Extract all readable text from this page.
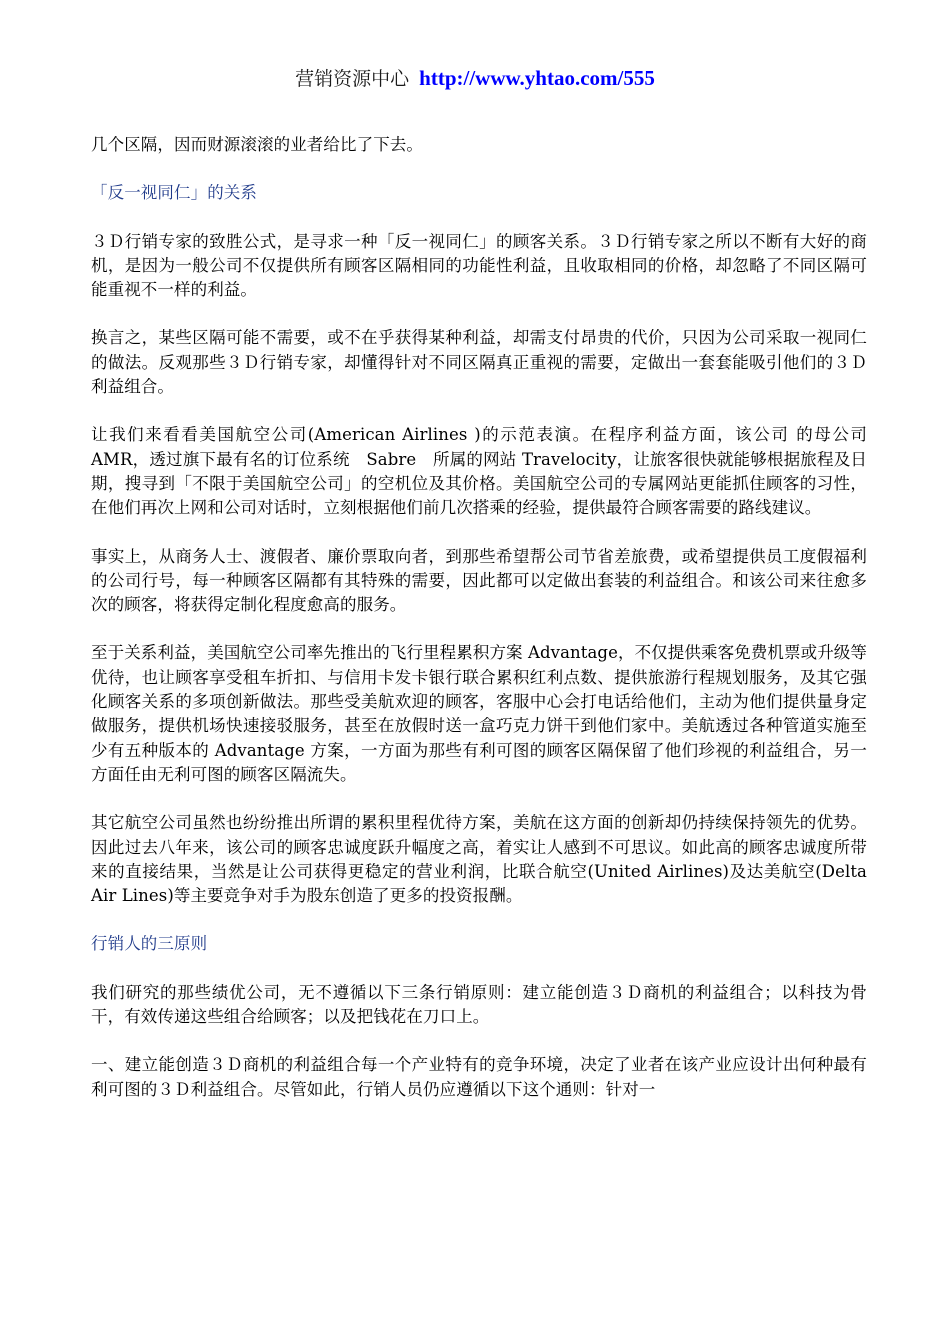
营销资源中心 http://www.yhtao.com/555

几个区隔，因而财源滚滚的业者给比了下去。

「反一视同仁」的关系

３Ｄ行销专家的致胜公式，是寻求一种「反一视同仁」的顾客关系。３Ｄ行销专家之所以不断有大好的商机，是因为一般公司不仅提供所有顾客区隔相同的功能性利益，且收取相同的价格，却忽略了不同区隔可能重视不一样的利益。

换言之，某些区隔可能不需要，或不在乎获得某种利益，却需支付昂贵的代价，只因为公司采取一视同仁的做法。反观那些３Ｄ行销专家，却懂得针对不同区隔真正重视的需要，定做出一套套能吸引他们的３Ｄ利益组合。

让我们来看看美国航空公司(American Airlines )的示范表演。在程序利益方面，该公司 的母公司　AMR，透过旗下最有名的订位系统　Sabre　所属的网站 Travelocity，让旅客很快就能够根据旅程及日期，搜寻到「不限于美国航空公司」的空机位及其价格。美国航空公司的专属网站更能抓住顾客的习性，在他们再次上网和公司对话时，立刻根据他们前几次搭乘的经验，提供最符合顾客需要的路线建议。

事实上，从商务人士、渡假者、廉价票取向者，到那些希望帮公司节省差旅费，或希望提供员工度假福利的公司行号，每一种顾客区隔都有其特殊的需要，因此都可以定做出套装的利益组合。和该公司来往愈多次的顾客，将获得定制化程度愈高的服务。

至于关系利益，美国航空公司率先推出的飞行里程累积方案 Advantage，不仅提供乘客免费机票或升级等优待，也让顾客享受租车折扣、与信用卡发卡银行联合累积红利点数、提供旅游行程规划服务，及其它强化顾客关系的多项创新做法。那些受美航欢迎的顾客，客服中心会打电话给他们，主动为他们提供量身定做服务，提供机场快速接驳服务，甚至在放假时送一盒巧克力饼干到他们家中。美航透过各种管道实施至少有五种版本的 Advantage 方案，一方面为那些有利可图的顾客区隔保留了他们珍视的利益组合，另一方面任由无利可图的顾客区隔流失。

其它航空公司虽然也纷纷推出所谓的累积里程优待方案，美航在这方面的创新却仍持续保持领先的优势。因此过去八年来，该公司的顾客忠诚度跃升幅度之高，着实让人感到不可思议。如此高的顾客忠诚度所带来的直接结果，当然是让公司获得更稳定的营业利润，比联合航空(United Airlines)及达美航空(Delta Air Lines)等主要竞争对手为股东创造了更多的投资报酬。

行销人的三原则

我们研究的那些绩优公司，无不遵循以下三条行销原则：建立能创造３Ｄ商机的利益组合；以科技为骨干，有效传递这些组合给顾客；以及把钱花在刀口上。

一、建立能创造３Ｄ商机的利益组合每一个产业特有的竞争环境，决定了业者在该产业应设计出何种最有利可图的３Ｄ利益组合。尽管如此，行销人员仍应遵循以下这个通则：针对一
